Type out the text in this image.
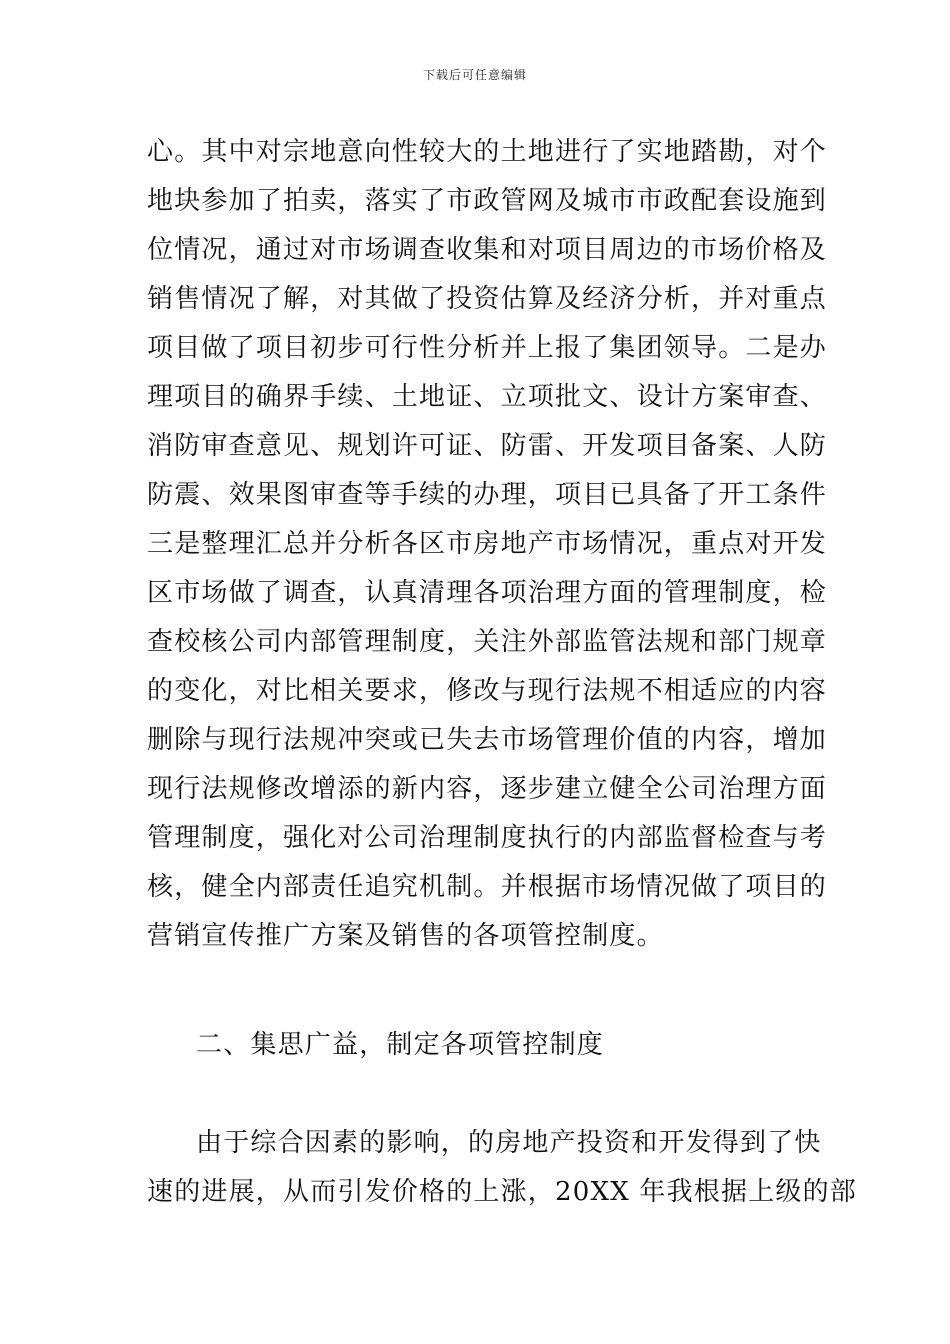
下载后可任意编辑
心。其中对宗地意向性较大的土地进行了实地踏勘，对个
地块参加了拍卖，落实了市政管网及城市市政配套设施到
位情况，通过对市场调查收集和对项目周边的市场价格及
销售情况了解，对其做了投资估算及经济分析，并对重点
项目做了项目初步可行性分析并上报了集团领导。二是办
理项目的确界手续、土地证、立项批文、设计方案审查、
消防审查意见、规划许可证、防雷、开发项目备案、人防
防震、效果图审查等手续的办理，项目已具备了开工条件
三是整理汇总并分析各区市房地产市场情况，重点对开发
区市场做了调查，认真清理各项治理方面的管理制度，检
查校核公司内部管理制度，关注外部监管法规和部门规章
的变化，对比相关要求，修改与现行法规不相适应的内容
删除与现行法规冲突或已失去市场管理价值的内容，增加
现行法规修改增添的新内容，逐步建立健全公司治理方面
管理制度，强化对公司治理制度执行的内部监督检查与考
核，健全内部责任追究机制。并根据市场情况做了项目的
营销宣传推广方案及销售的各项管控制度。
二、集思广益，制定各项管控制度
由于综合因素的影响，的房地产投资和开发得到了快
速的进展，从而引发价格的上涨，20XX 年我根据上级的部
